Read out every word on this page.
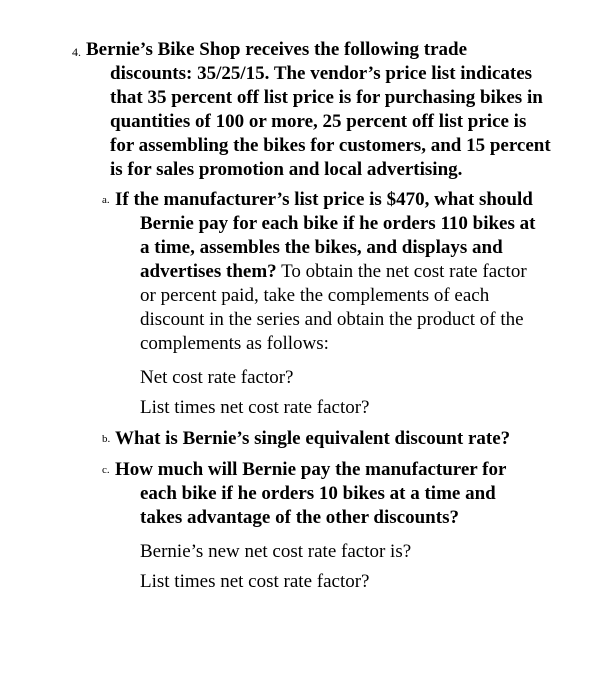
4. Bernie’s Bike Shop receives the following trade discounts: 35/25/15. The vendor’s price list indicates that 35 percent off list price is for purchasing bikes in quantities of 100 or more, 25 percent off list price is for assembling the bikes for customers, and 15 percent is for sales promotion and local advertising.
a. If the manufacturer’s list price is $470, what should Bernie pay for each bike if he orders 110 bikes at a time, assembles the bikes, and displays and advertises them? To obtain the net cost rate factor or percent paid, take the complements of each discount in the series and obtain the product of the complements as follows:
Net cost rate factor?
List times net cost rate factor?
b. What is Bernie’s single equivalent discount rate?
c. How much will Bernie pay the manufacturer for each bike if he orders 10 bikes at a time and takes advantage of the other discounts?
Bernie’s new net cost rate factor is?
List times net cost rate factor?
